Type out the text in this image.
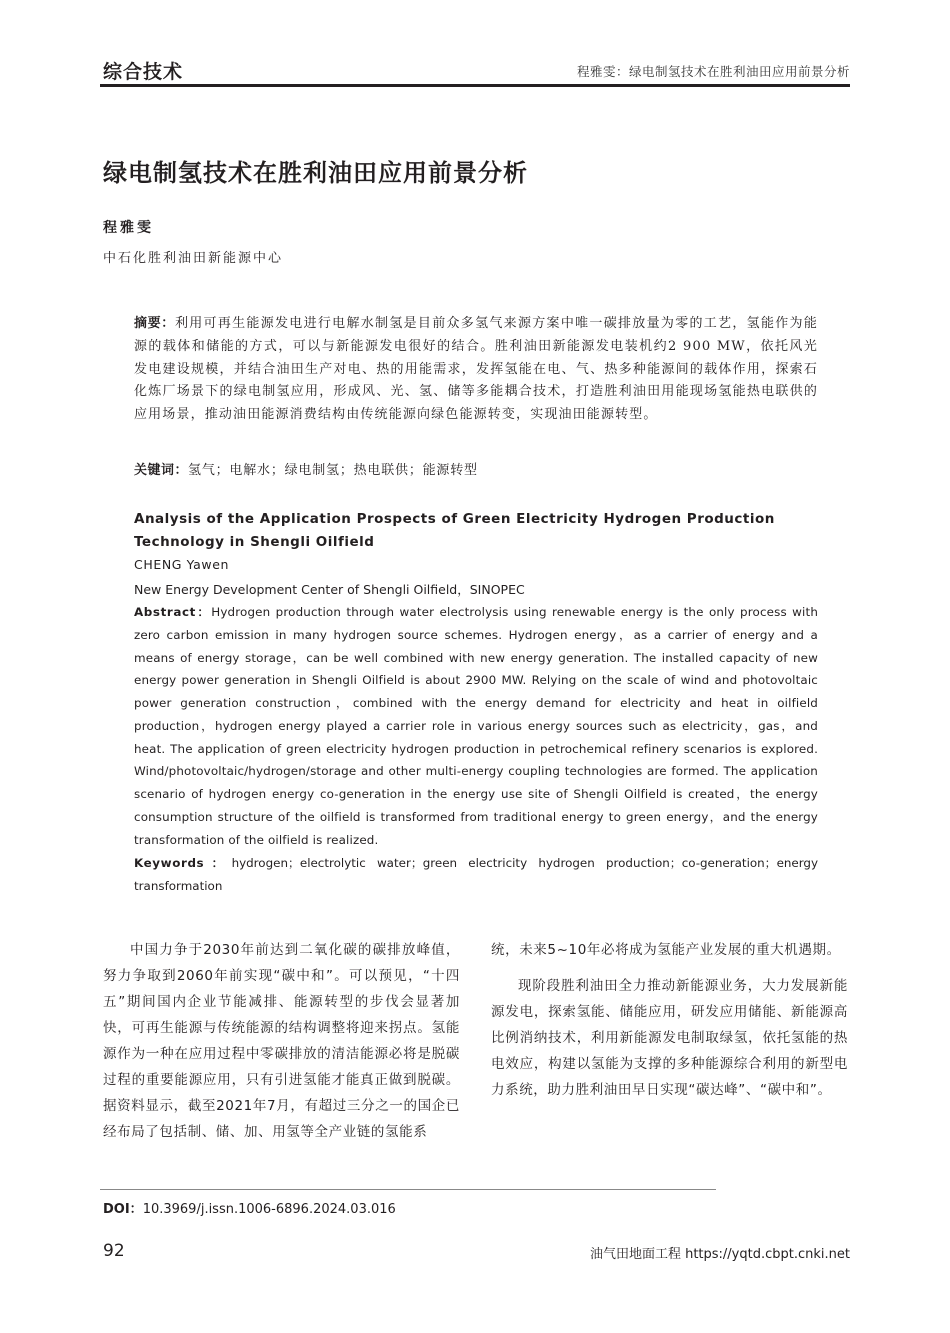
综合技术	程雅雯：绿电制氢技术在胜利油田应用前景分析
绿电制氢技术在胜利油田应用前景分析
程雅雯
中石化胜利油田新能源中心
摘要：利用可再生能源发电进行电解水制氢是目前众多氢气来源方案中唯一碳排放量为零的工艺，氢能作为能源的载体和储能的方式，可以与新能源发电很好的结合。胜利油田新能源发电装机约2 900 MW，依托风光发电建设规模，并结合油田生产对电、热的用能需求，发挥氢能在电、气、热多种能源间的载体作用，探索石化炼厂场景下的绿电制氢应用，形成风、光、氢、储等多能耦合技术，打造胜利油田用能现场氢能热电联供的应用场景，推动油田能源消费结构由传统能源向绿色能源转变，实现油田能源转型。
关键词：氢气；电解水；绿电制氢；热电联供；能源转型
Analysis of the Application Prospects of Green Electricity Hydrogen Production Technology in Shengli Oilfield
CHENG Yawen
New Energy Development Center of Shengli Oilfield，SINOPEC
Abstract：Hydrogen production through water electrolysis using renewable energy is the only process with zero carbon emission in many hydrogen source schemes. Hydrogen energy，as a carrier of energy and a means of energy storage，can be well combined with new energy generation. The installed capacity of new energy power generation in Shengli Oilfield is about 2900 MW. Relying on the scale of wind and photovoltaic power generation construction，combined with the energy demand for electricity and heat in oilfield production，hydrogen energy played a carrier role in various energy sources such as electricity，gas，and heat. The application of green electricity hydrogen production in petrochemical refinery scenarios is explored. Wind/photovoltaic/hydrogen/storage and other multi-energy coupling technologies are formed. The application scenario of hydrogen energy co-generation in the energy use site of Shengli Oilfield is created，the energy consumption structure of the oilfield is transformed from traditional energy to green energy，and the energy transformation of the oilfield is realized.
Keywords：hydrogen；electrolytic water；green electricity hydrogen production；co-generation；energy transformation

中国力争于2030年前达到二氧化碳的碳排放峰值，努力争取到2060年前实现“碳中和”。可以预见，“十四五”期间国内企业节能减排、能源转型的步伐会显著加快，可再生能源与传统能源的结构调整将迎来拐点。氢能源作为一种在应用过程中零碳排放的清洁能源必将是脱碳过程的重要能源应用，只有引进氢能才能真正做到脱碳。据资料显示，截至2021年7月，有超过三分之一的国企已经布局了包括制、储、加、用氢等全产业链的氢能系

统，未来5~10年必将成为氢能产业发展的重大机遇期。

现阶段胜利油田全力推动新能源业务，大力发展新能源发电，探索氢能、储能应用，研发应用储能、新能源高比例消纳技术，利用新能源发电制取绿氢，依托氢能的热电效应，构建以氢能为支撑的多种能源综合利用的新型电力系统，助力胜利油田早日实现“碳达峰”、“碳中和”。

DOI：10.3969/j.issn.1006-6896.2024.03.016
92	油气田地面工程 https://yqtd.cbpt.cnki.net
